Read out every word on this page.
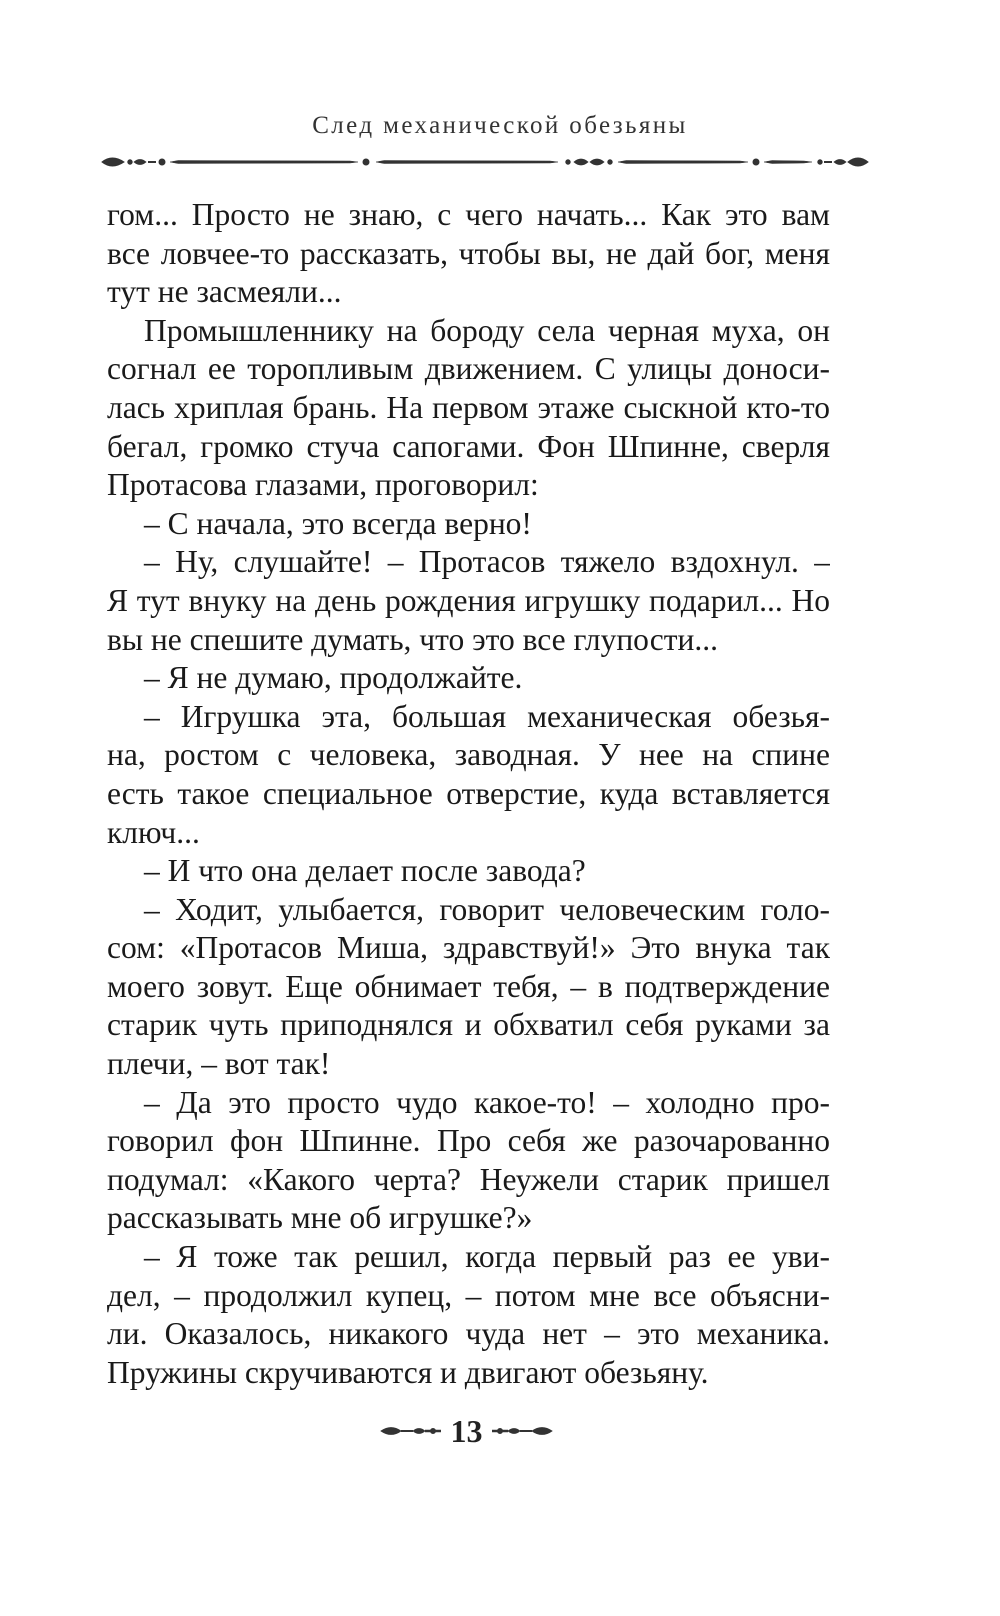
След механической обезьяны
гом... Просто не знаю, с чего начать... Как это вам
все ловчее-то рассказать, чтобы вы, не дай бог, меня
тут не засмеяли...
Промышленнику на бороду села черная муха, он
согнал ее торопливым движением. С улицы доноси-
лась хриплая брань. На первом этаже сыскной кто-то
бегал, громко стуча сапогами. Фон Шпинне, сверля
Протасова глазами, проговорил:
– С начала, это всегда верно!
– Ну, слушайте! – Протасов тяжело вздохнул. –
Я тут внуку на день рождения игрушку подарил... Но
вы не спешите думать, что это все глупости...
– Я не думаю, продолжайте.
– Игрушка эта, большая механическая обезья-
на, ростом с человека, заводная. У нее на спине
есть такое специальное отверстие, куда вставляется
ключ...
– И что она делает после завода?
– Ходит, улыбается, говорит человеческим голо-
сом: «Протасов Миша, здравствуй!» Это внука так
моего зовут. Еще обнимает тебя, – в подтверждение
старик чуть приподнялся и обхватил себя руками за
плечи, – вот так!
– Да это просто чудо какое-то! – холодно про-
говорил фон Шпинне. Про себя же разочарованно
подумал: «Какого черта? Неужели старик пришел
рассказывать мне об игрушке?»
– Я тоже так решил, когда первый раз ее уви-
дел, – продолжил купец, – потом мне все объясни-
ли. Оказалось, никакого чуда нет – это механика.
Пружины скручиваются и двигают обезьяну.
13
